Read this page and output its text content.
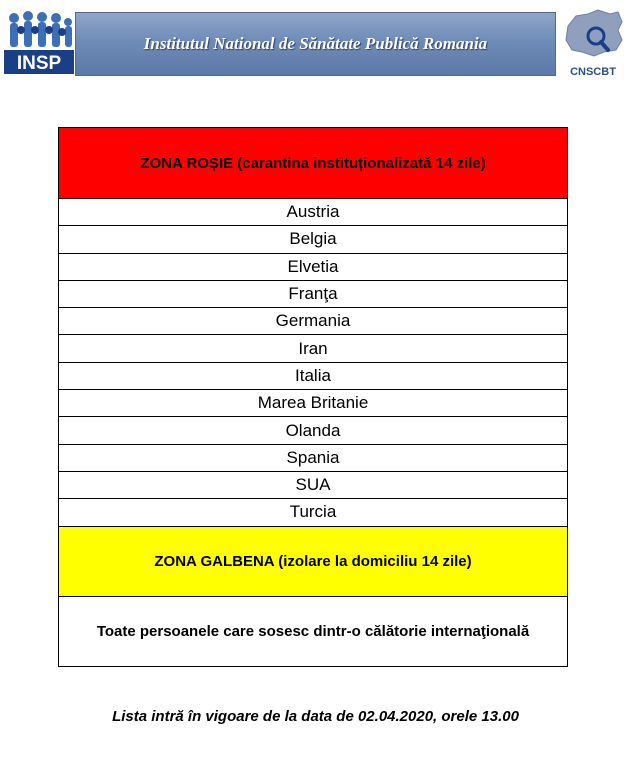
INSP
Institutul National de Sănătate Publică Romania
CNSCBT
ZONA ROȘIE (carantina instituționalizată 14 zile)
Austria
Belgia
Elvetia
Franţa
Germania
Iran
Italia
Marea Britanie
Olanda
Spania
SUA
Turcia
ZONA GALBENA (izolare la domiciliu 14 zile)
Toate persoanele care sosesc dintr-o călătorie internaţională
Lista intră în vigoare de la data de 02.04.2020, orele 13.00
